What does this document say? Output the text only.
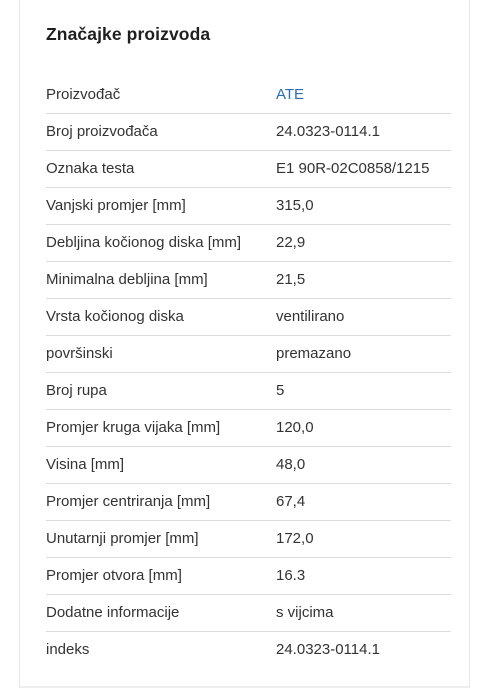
Značajke proizvoda
Proizvođač	ATE
Broj proizvođača	24.0323-0114.1
Oznaka testa	E1 90R-02C0858/1215
Vanjski promjer [mm]	315,0
Debljina kočionog diska [mm]	22,9
Minimalna debljina [mm]	21,5
Vrsta kočionog diska	ventilirano
površinski	premazano
Broj rupa	5
Promjer kruga vijaka [mm]	120,0
Visina [mm]	48,0
Promjer centriranja [mm]	67,4
Unutarnji promjer [mm]	172,0
Promjer otvora [mm]	16.3
Dodatne informacije	s vijcima
indeks	24.0323-0114.1
